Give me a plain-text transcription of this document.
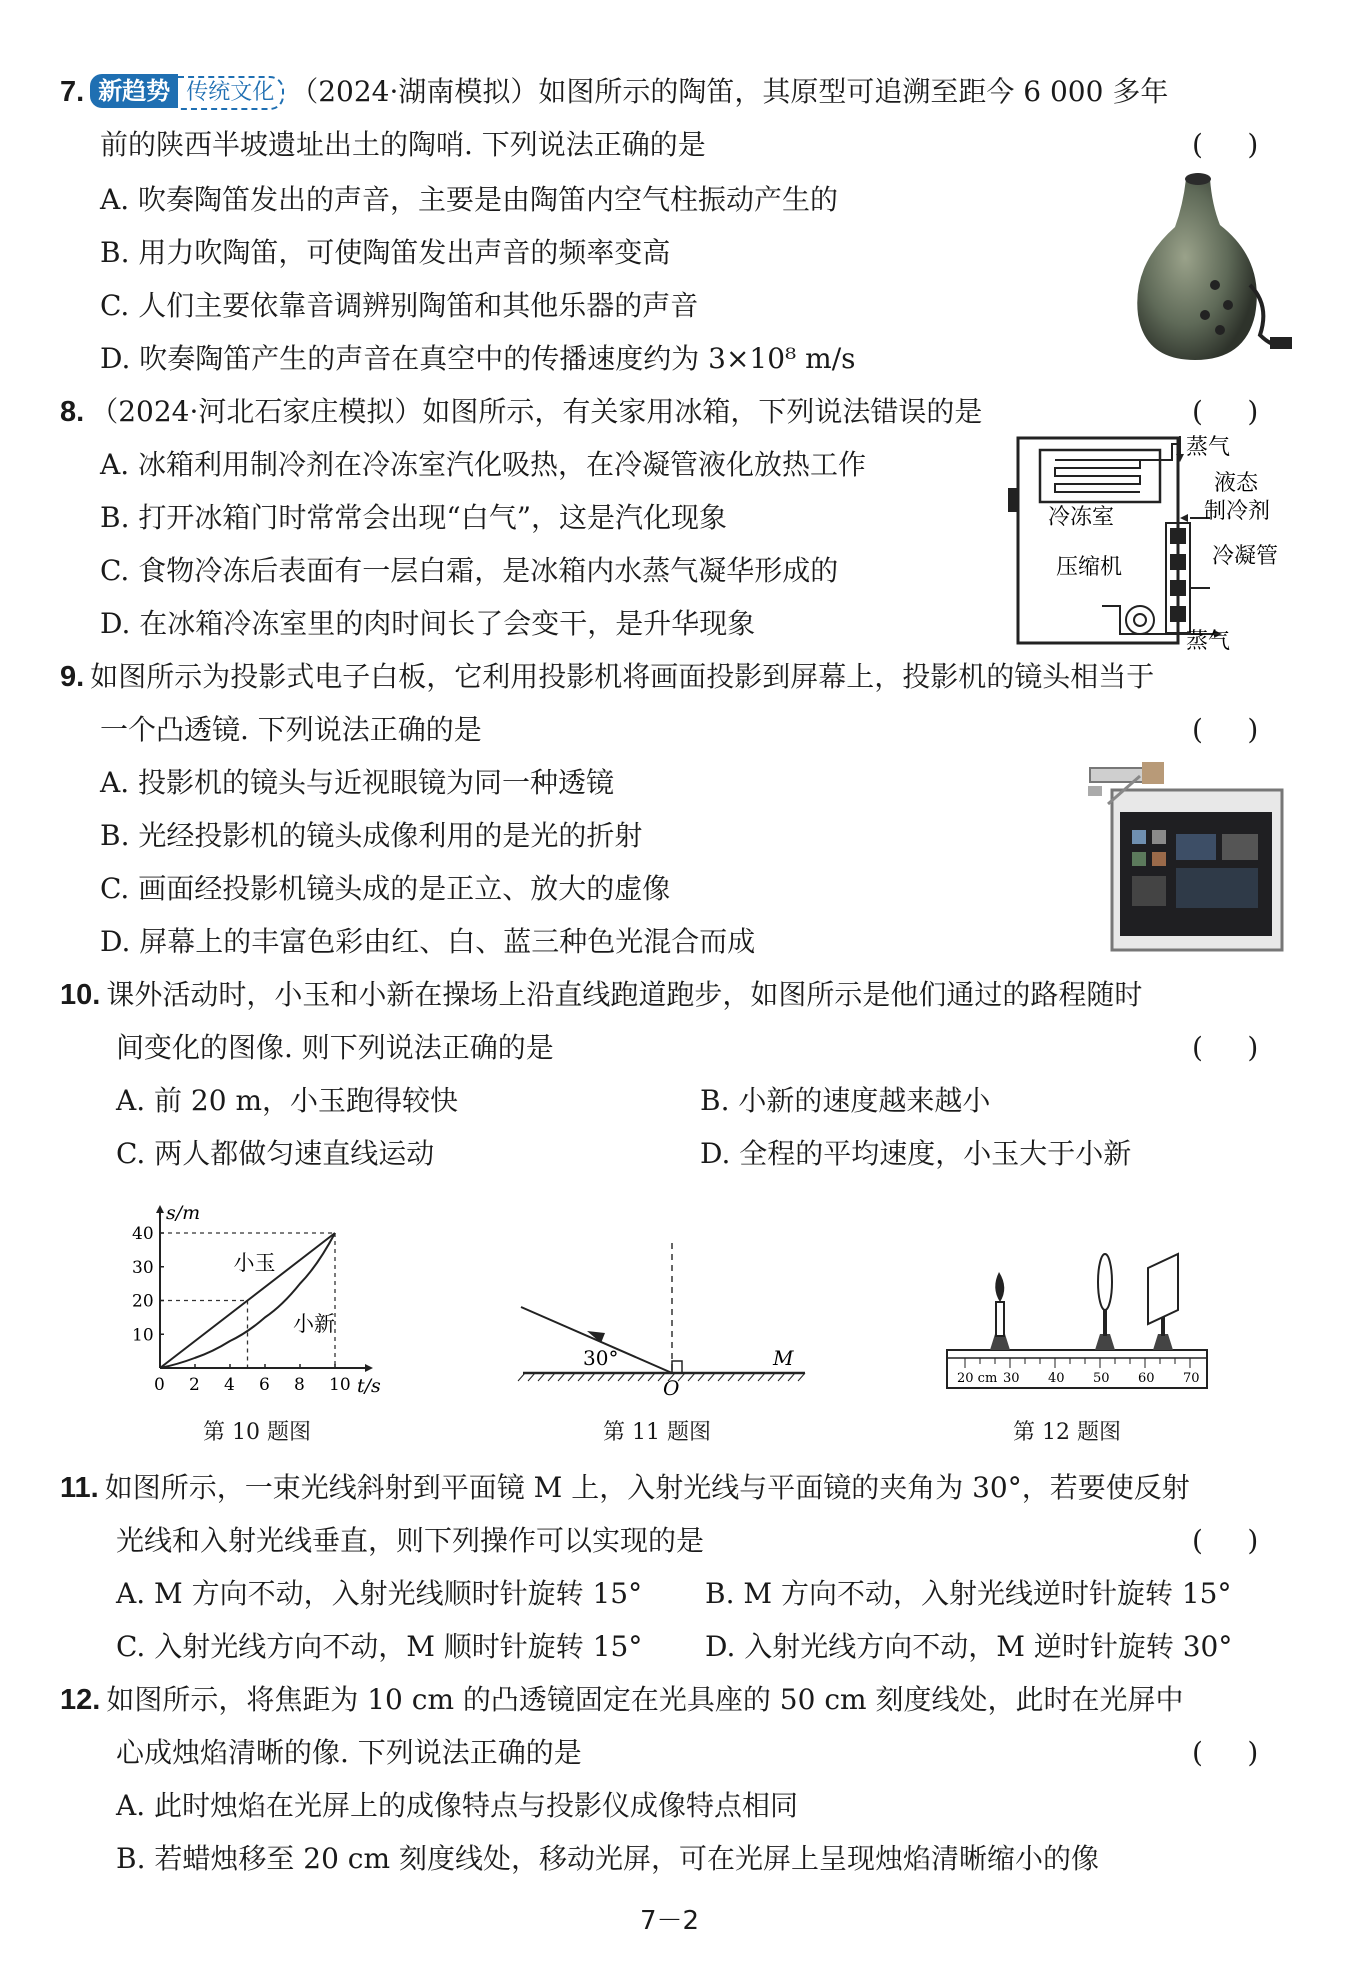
7. 新趋势 传统文化 （2024·湖南模拟）如图所示的陶笛，其原型可追溯至距今 6 000 多年
前的陕西半坡遗址出土的陶哨. 下列说法正确的是	(     )
A. 吹奏陶笛发出的声音，主要是由陶笛内空气柱振动产生的
B. 用力吹陶笛，可使陶笛发出声音的频率变高
C. 人们主要依靠音调辨别陶笛和其他乐器的声音
D. 吹奏陶笛产生的声音在真空中的传播速度约为 3×10⁸ m/s
8. （2024·河北石家庄模拟）如图所示，有关家用冰箱，下列说法错误的是	(     )
A. 冰箱利用制冷剂在冷冻室汽化吸热，在冷凝管液化放热工作
B. 打开冰箱门时常常会出现“白气”，这是汽化现象
C. 食物冷冻后表面有一层白霜，是冰箱内水蒸气凝华形成的
D. 在冰箱冷冻室里的肉时间长了会变干，是升华现象
蒸气
液态
制冷剂
冷冻室
冷凝管
压缩机
蒸气
9. 如图所示为投影式电子白板，它利用投影机将画面投影到屏幕上，投影机的镜头相当于
一个凸透镜. 下列说法正确的是	(     )
A. 投影机的镜头与近视眼镜为同一种透镜
B. 光经投影机的镜头成像利用的是光的折射
C. 画面经投影机镜头成的是正立、放大的虚像
D. 屏幕上的丰富色彩由红、白、蓝三种色光混合而成
10. 课外活动时，小玉和小新在操场上沿直线跑道跑步，如图所示是他们通过的路程随时
间变化的图像. 则下列说法正确的是	(     )
A. 前 20 m，小玉跑得较快	B. 小新的速度越来越小
C. 两人都做匀速直线运动	D. 全程的平均速度，小玉大于小新
0 2 4 6 8 10
10
20
30
40
s/m
t/s
小玉
小新
第 10 题图
30°
O
M
第 11 题图
20 cm 30 40 50 60 70
第 12 题图
11. 如图所示，一束光线斜射到平面镜 M 上，入射光线与平面镜的夹角为 30°，若要使反射
光线和入射光线垂直，则下列操作可以实现的是	(     )
A. M 方向不动，入射光线顺时针旋转 15° B. M 方向不动，入射光线逆时针旋转 15°
C. 入射光线方向不动，M 顺时针旋转 15° D. 入射光线方向不动，M 逆时针旋转 30°
12. 如图所示，将焦距为 10 cm 的凸透镜固定在光具座的 50 cm 刻度线处，此时在光屏中
心成烛焰清晰的像. 下列说法正确的是	(     )
A. 此时烛焰在光屏上的成像特点与投影仪成像特点相同
B. 若蜡烛移至 20 cm 刻度线处，移动光屏，可在光屏上呈现烛焰清晰缩小的像
7－2
